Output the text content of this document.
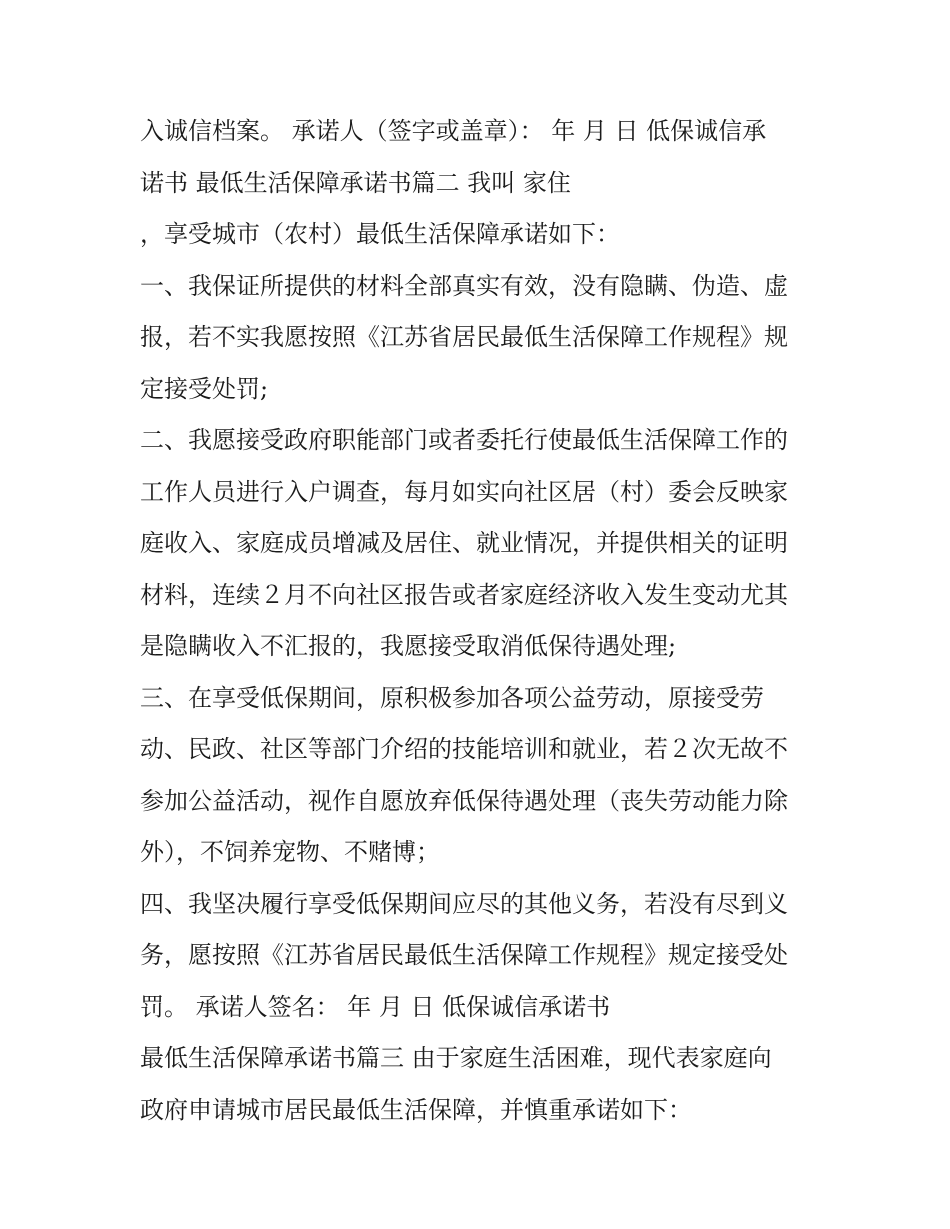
入诚信档案。 承诺人（签字或盖章）： 年 月 日 低保诚信承

诺书 最低生活保障承诺书篇二 我叫 家住

，享受城市（农村）最低生活保障承诺如下：

一、我保证所提供的材料全部真实有效，没有隐瞒、伪造、虚

报，若不实我愿按照《江苏省居民最低生活保障工作规程》规

定接受处罚;

二、我愿接受政府职能部门或者委托行使最低生活保障工作的

工作人员进行入户调查，每月如实向社区居（村）委会反映家

庭收入、家庭成员增减及居住、就业情况，并提供相关的证明

材料，连续２月不向社区报告或者家庭经济收入发生变动尤其

是隐瞒收入不汇报的，我愿接受取消低保待遇处理;

三、在享受低保期间，原积极参加各项公益劳动，原接受劳

动、民政、社区等部门介绍的技能培训和就业，若２次无故不

参加公益活动，视作自愿放弃低保待遇处理（丧失劳动能力除

外），不饲养宠物、不赌博；

四、我坚决履行享受低保期间应尽的其他义务，若没有尽到义

务，愿按照《江苏省居民最低生活保障工作规程》规定接受处

罚。 承诺人签名： 年 月 日 低保诚信承诺书

最低生活保障承诺书篇三 由于家庭生活困难，现代表家庭向

政府申请城市居民最低生活保障，并慎重承诺如下：
